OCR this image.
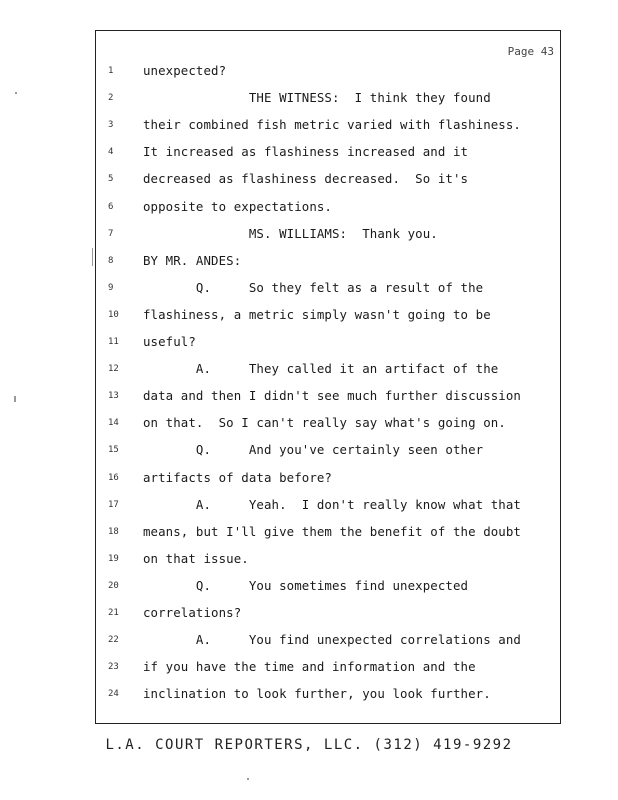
Page 43
1	unexpected?
2	THE WITNESS:  I think they found
3	their combined fish metric varied with flashiness.
4	It increased as flashiness increased and it
5	decreased as flashiness decreased.  So it's
6	opposite to expectations.
7	MS. WILLIAMS:  Thank you.
8	BY MR. ANDES:
9	Q.     So they felt as a result of the
10	flashiness, a metric simply wasn't going to be
11	useful?
12	A.     They called it an artifact of the
13	data and then I didn't see much further discussion
14	on that.  So I can't really say what's going on.
15	Q.     And you've certainly seen other
16	artifacts of data before?
17	A.     Yeah.  I don't really know what that
18	means, but I'll give them the benefit of the doubt
19	on that issue.
20	Q.     You sometimes find unexpected
21	correlations?
22	A.     You find unexpected correlations and
23	if you have the time and information and the
24	inclination to look further, you look further.
L.A. COURT REPORTERS, LLC. (312) 419-9292
